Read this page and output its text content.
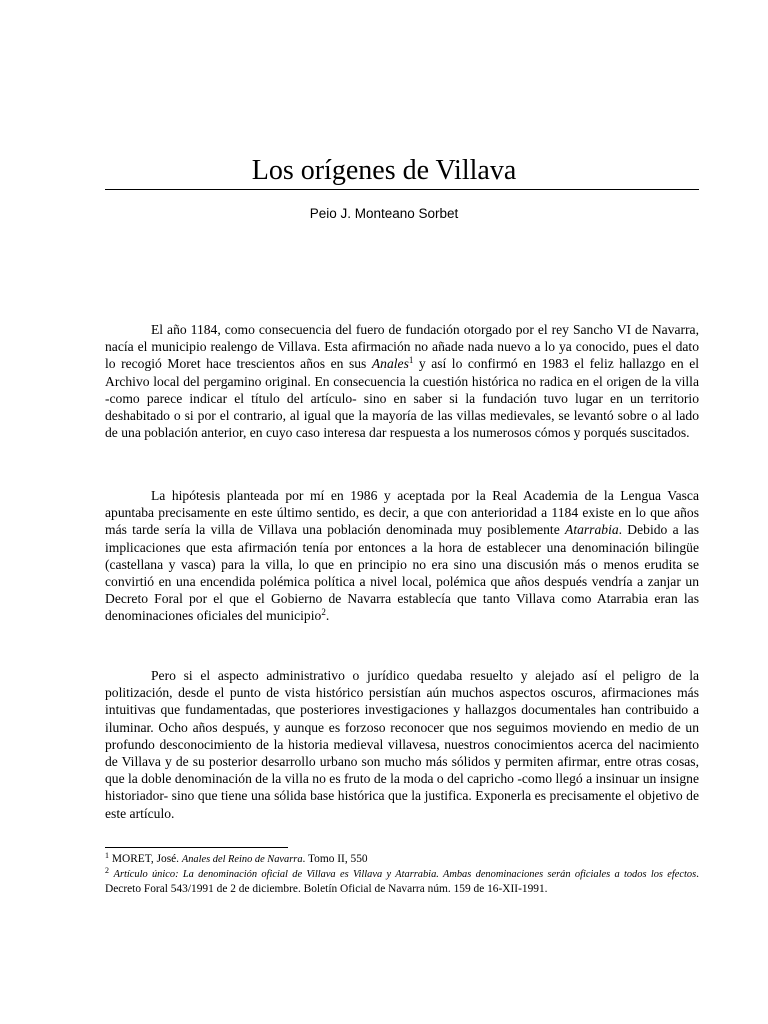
Los orígenes de Villava
Peio J. Monteano Sorbet

El año 1184, como consecuencia del fuero de fundación otorgado por el rey Sancho VI de Navarra, nacía el municipio realengo de Villava. Esta afirmación no añade nada nuevo a lo ya conocido, pues el dato lo recogió Moret hace trescientos años en sus Anales$^1$ y así lo confirmó en 1983 el feliz hallazgo en el Archivo local del pergamino original. En consecuencia la cuestión histórica no radica en el origen de la villa -como parece indicar el título del artículo- sino en saber si la fundación tuvo lugar en un territorio deshabitado o si por el contrario, al igual que la mayoría de las villas medievales, se levantó sobre o al lado de una población anterior, en cuyo caso interesa dar respuesta a los numerosos cómos y porqués suscitados.

La hipótesis planteada por mí en 1986 y aceptada por la Real Academia de la Lengua Vasca apuntaba precisamente en este último sentido, es decir, a que con anterioridad a 1184 existe en lo que años más tarde sería la villa de Villava una población denominada muy posiblemente Atarrabia. Debido a las implicaciones que esta afirmación tenía por entonces a la hora de establecer una denominación bilingüe (castellana y vasca) para la villa, lo que en principio no era sino una discusión más o menos erudita se convirtió en una encendida polémica política a nivel local, polémica que años después vendría a zanjar un Decreto Foral por el que el Gobierno de Navarra establecía que tanto Villava como Atarrabia eran las denominaciones oficiales del municipio$^2$.

Pero si el aspecto administrativo o jurídico quedaba resuelto y alejado así el peligro de la politización, desde el punto de vista histórico persistían aún muchos aspectos oscuros, afirmaciones más intuitivas que fundamentadas, que posteriores investigaciones y hallazgos documentales han contribuido a iluminar. Ocho años después, y aunque es forzoso reconocer que nos seguimos moviendo en medio de un profundo desconocimiento de la historia medieval villavesa, nuestros conocimientos acerca del nacimiento de Villava y de su posterior desarrollo urbano son mucho más sólidos y permiten afirmar, entre otras cosas, que la doble denominación de la villa no es fruto de la moda o del capricho -como llegó a insinuar un insigne historiador- sino que tiene una sólida base histórica que la justifica. Exponerla es precisamente el objetivo de este artículo.

$^1$ MORET, José. Anales del Reino de Navarra. Tomo II, 550

$^2$ Artículo único: La denominación oficial de Villava es Villava y Atarrabia. Ambas denominaciones serán oficiales a todos los efectos. Decreto Foral 543/1991 de 2 de diciembre. Boletín Oficial de Navarra núm. 159 de 16-XII-1991.
